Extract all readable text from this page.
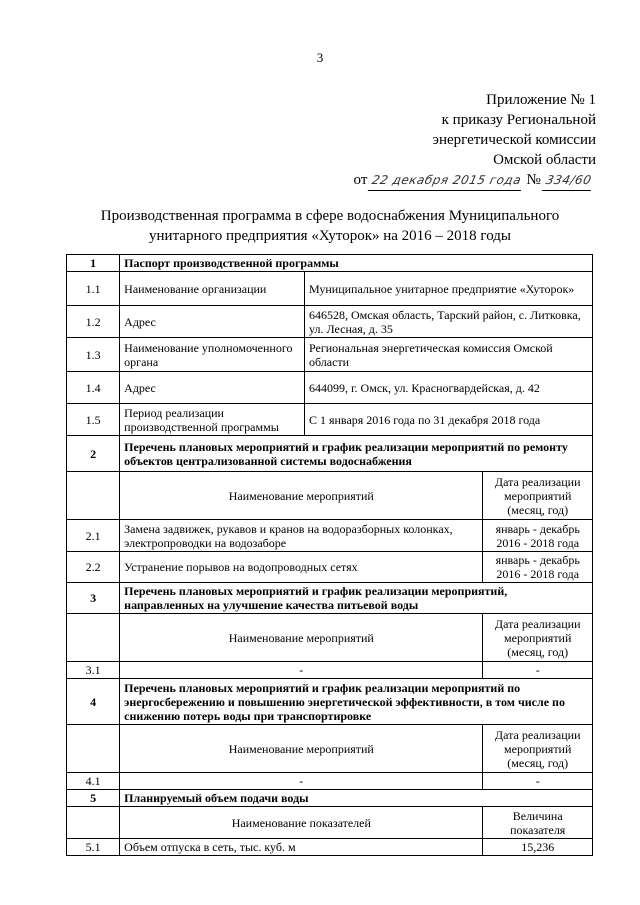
3
Приложение № 1
к приказу Региональной
энергетической комиссии
Омской области
от 22 декабря 2015 года № 334/60
Производственная программа в сфере водоснабжения Муниципального
унитарного предприятия «Хуторок» на 2016 – 2018 годы
1	Паспорт производственной программы		
1.1	Наименование организации	Муниципальное унитарное предприятие «Хуторок»	
1.2	Адрес	646528, Омская область, Тарский район, с. Литковка, ул. Лесная, д. 35	
1.3	Наименование уполномоченного органа	Региональная энергетическая комиссия Омской области	
1.4	Адрес	644099, г. Омск, ул. Красногвардейская, д. 42	
1.5	Период реализации производственной программы	С 1 января 2016 года по 31 декабря 2018 года	
2	Перечень плановых мероприятий и график реализации мероприятий по ремонту объектов централизованной системы водоснабжения		
	Наименование мероприятий		Дата реализации мероприятий (месяц, год)
2.1	Замена задвижек, рукавов и кранов на водоразборных колонках, электропроводки на водозаборе		январь - декабрь 2016 - 2018 года
2.2	Устранение порывов на водопроводных сетях		январь - декабрь 2016 - 2018 года
3	Перечень плановых мероприятий и график реализации мероприятий, направленных на улучшение качества питьевой воды		
	Наименование мероприятий		Дата реализации мероприятий (месяц, год)
3.1	-		-
4	Перечень плановых мероприятий и график реализации мероприятий по энергосбережению и повышению энергетической эффективности, в том числе по снижению потерь воды при транспортировке		
	Наименование мероприятий		Дата реализации мероприятий (месяц, год)
4.1	-		-
5	Планируемый объем подачи воды		
	Наименование показателей		Величина показателя
5.1	Объем отпуска в сеть, тыс. куб. м		15,236
